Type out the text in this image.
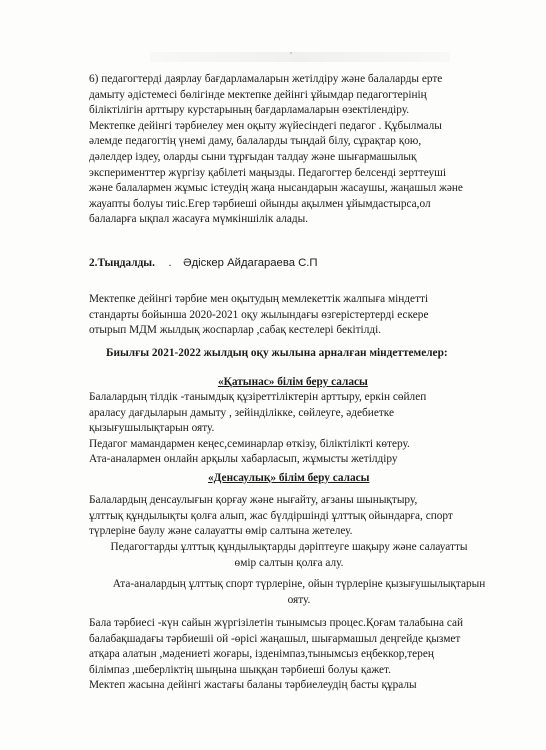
'

6) педагогтерді даярлау бағдарламаларын жетілдіру және балаларды ерте

дамыту әдістемесі бөлігінде мектепке дейінгі ұйымдар педагогтерінің

біліктілігін арттыру курстарының бағдарламаларын өзектілендіру.

Мектепке дейінгі тәрбиелеу мен оқыту жүйесіндегі педагог . Құбылмалы

әлемде педагогтің үнемі даму, балаларды тыңдай білу, сұрақтар қою,

дәлелдер іздеу, оларды сыни тұрғыдан талдау және шығармашылық

эксперименттер жүргізу қабілеті маңызды. Педагогтер белсенді зерттеуші

және балалармен жұмыс істеудің жаңа нысандарын жасаушы, жаңашыл және

жауапты болуы тиіс.Егер тәрбиеші ойынды ақылмен ұйымдастырса,ол

балаларға ықпал жасауға мүмкіншілік алады.

2.Тыңдалды. . Әдіскер Айдагараева С.П

Мектепке дейінгі тәрбие мен оқытудың мемлекеттік жалпыға міндетті

стандарты бойынша 2020-2021 оқу жылындағы өзгерістертерді ескере

отырып МДМ жылдық жоспарлар ,сабақ кестелері бекітілді.

Биылғы 2021-2022 жылдың оқу жылына арналған міндеттемелер:

«Қатынас» білім беру саласы

Балалардың тілдік -танымдық құзіреттіліктерін арттыру, еркін сөйлеп

араласу дағдыларын дамыту , зейінділікке, сөйлеуге, әдебиетке

қызығушылықтарын ояту.

Педагог мамандармен кеңес,семинарлар өткізу, біліктілікті көтеру.

Ата-аналармен онлайн арқылы хабарласып, жұмысты жетілдіру

«Денсаулық» білім беру саласы

Балалардың денсаулығын қорғау және нығайту, ағзаны шынықтыру,

ұлттық құндылықты қолға алып, жас бүлдіршінді ұлттық ойындарға, спорт

түрлеріне баулу және салауатты өмір салтына жетелеу.

Педагогтарды ұлттық құндылықтарды дәріптеуге шақыру және салауатты

өмір салтын қолға алу.

Ата-аналардың ұлттық спорт түрлеріне, ойын түрлеріне қызығушылықтарын

ояту.

Бала тәрбиесі -күн сайын жүргізілетін тынымсыз процес.Қоғам талабына сай

балабақшадағы тәрбиешіі ой -өрісі жаңашыл, шығармашыл деңгейде қызмет

атқара алатын ,мәдениеті жоғары, ізденімпаз,тынымсыз еңбеккор,терең

білімпаз ,шеберліктің шыңына шыққан тәрбиеші болуы қажет.

Мектеп жасына дейінгі жастағы баланы тәрбиелеудің басты құралы
